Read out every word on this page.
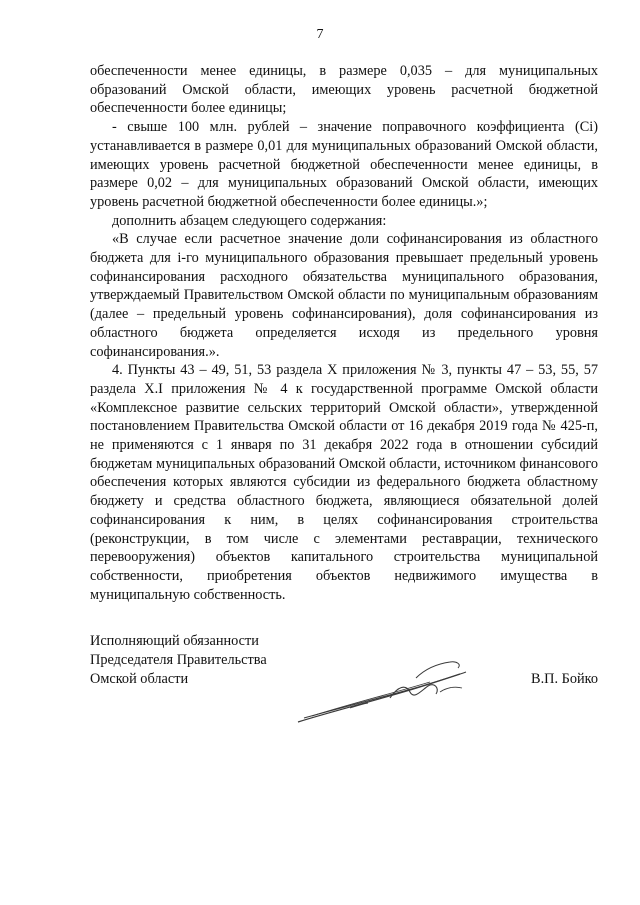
7

обеспеченности менее единицы, в размере 0,035 – для муниципальных образований Омской области, имеющих уровень расчетной бюджетной обеспеченности более единицы;

- свыше 100 млн. рублей – значение поправочного коэффициента (Ci) устанавливается в размере 0,01 для муниципальных образований Омской области, имеющих уровень расчетной бюджетной обеспеченности менее единицы, в размере 0,02 – для муниципальных образований Омской области, имеющих уровень расчетной бюджетной обеспеченности более единицы.»;

дополнить абзацем следующего содержания:

«В случае если расчетное значение доли софинансирования из областного бюджета для i-го муниципального образования превышает предельный уровень софинансирования расходного обязательства муниципального образования, утверждаемый Правительством Омской области по муниципальным образованиям (далее – предельный уровень софинансирования), доля софинансирования из областного бюджета определяется исходя из предельного уровня софинансирования.».

4. Пункты 43 – 49, 51, 53 раздела X приложения № 3, пункты 47 – 53, 55, 57 раздела X.I приложения № 4 к государственной программе Омской области «Комплексное развитие сельских территорий Омской области», утвержденной постановлением Правительства Омской области от 16 декабря 2019 года № 425-п, не применяются с 1 января по 31 декабря 2022 года в отношении субсидий бюджетам муниципальных образований Омской области, источником финансового обеспечения которых являются субсидии из федерального бюджета областному бюджету и средства областного бюджета, являющиеся обязательной долей софинансирования к ним, в целях софинансирования строительства (реконструкции, в том числе с элементами реставрации, технического перевооружения) объектов капитального строительства муниципальной собственности, приобретения объектов недвижимого имущества в муниципальную собственность.

Исполняющий обязанности
Председателя Правительства
Омской области	В.П. Бойко
